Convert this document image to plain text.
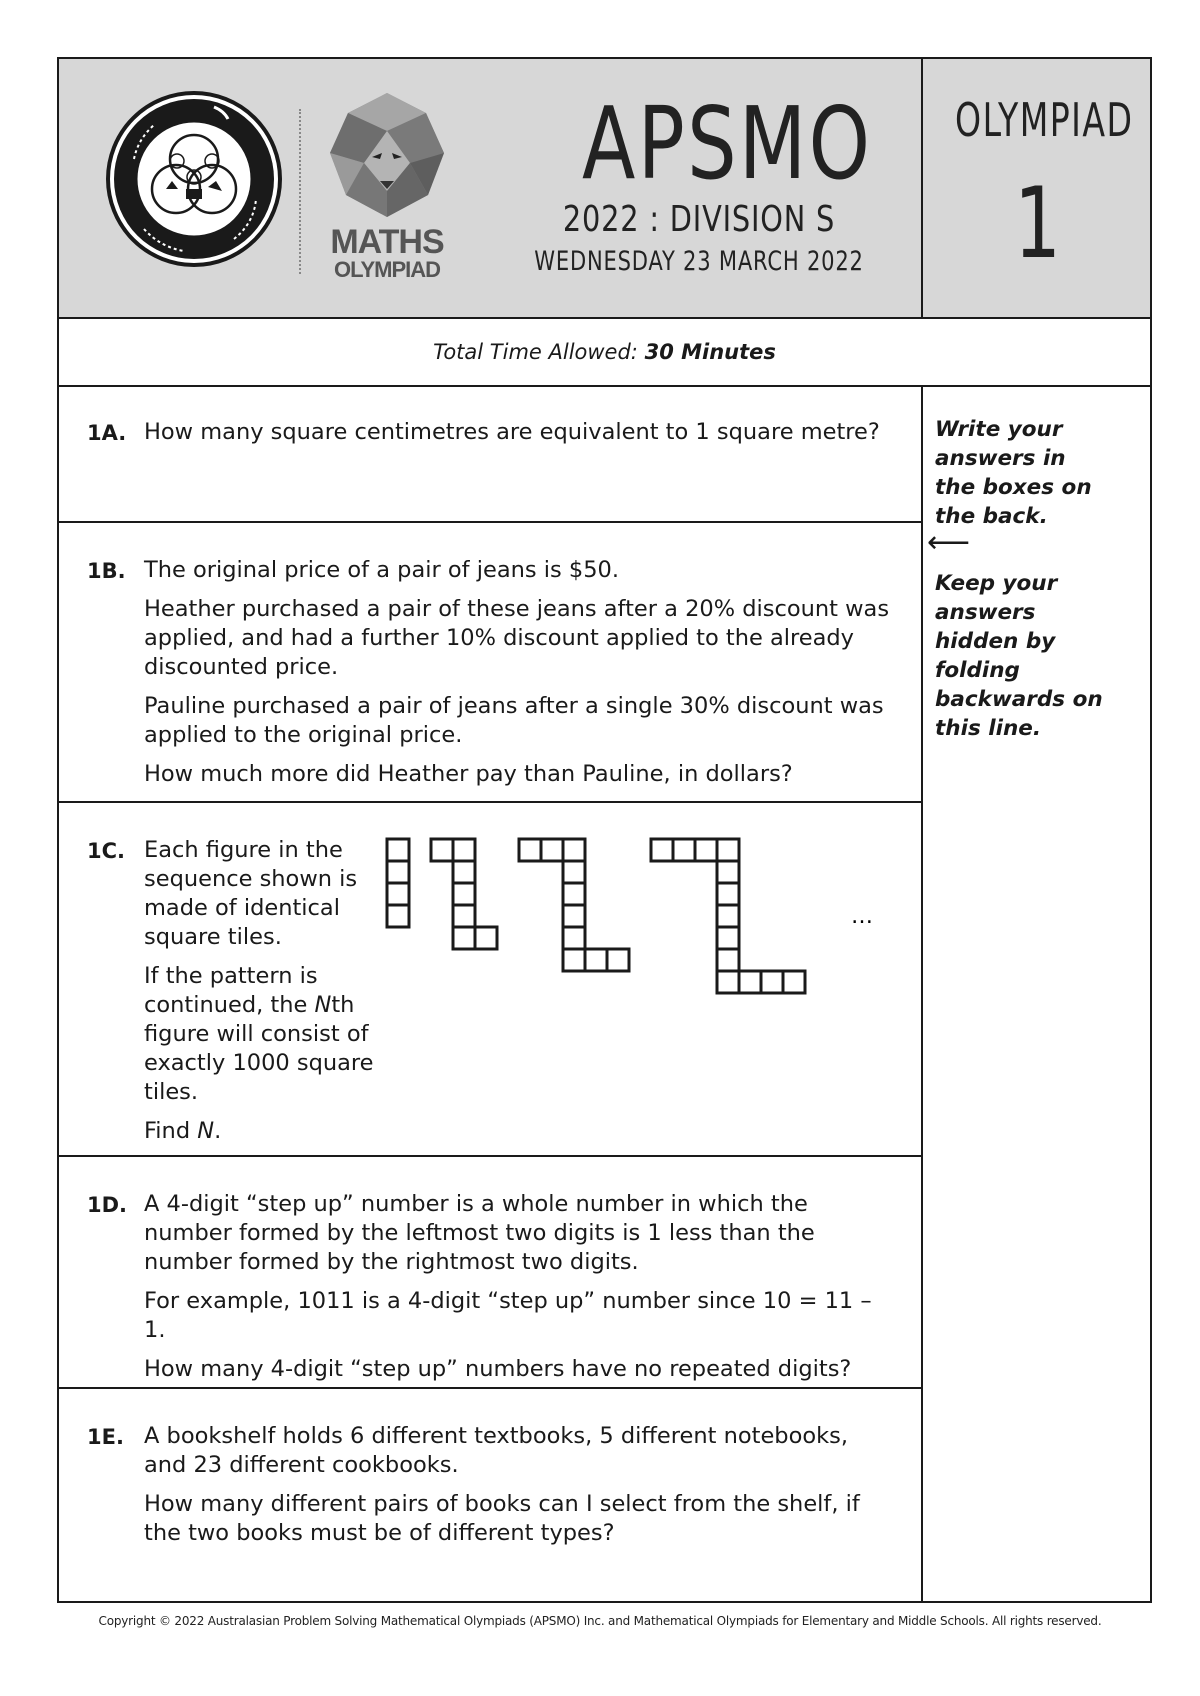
MATHS
OLYMPIAD
APSMO
2022 : DIVISION S
WEDNESDAY 23 MARCH 2022
OLYMPIAD
1
Total Time Allowed: 30 Minutes
Write your answers in the boxes on the back.
⟵
Keep your answers hidden by folding backwards on this line.
1A. How many square centimetres are equivalent to 1 square metre?

1B. The original price of a pair of jeans is $50.

Heather purchased a pair of these jeans after a 20% discount was applied, and had a further 10% discount applied to the already discounted price.

Pauline purchased a pair of jeans after a single 30% discount was applied to the original price.

How much more did Heather pay than Pauline, in dollars?

1C. Each figure in the sequence shown is made of identical square tiles.

If the pattern is continued, the Nth figure will consist of exactly 1000 square tiles.

Find N.

…
1D. A 4-digit “step up” number is a whole number in which the number formed by the leftmost two digits is 1 less than the number formed by the rightmost two digits.

For example, 1011 is a 4-digit “step up” number since 10 = 11 – 1.

How many 4-digit “step up” numbers have no repeated digits?

1E. A bookshelf holds 6 different textbooks, 5 different notebooks, and 23 different cookbooks.

How many different pairs of books can I select from the shelf, if the two books must be of different types?

Copyright © 2022 Australasian Problem Solving Mathematical Olympiads (APSMO) Inc. and Mathematical Olympiads for Elementary and Middle Schools. All rights reserved.
